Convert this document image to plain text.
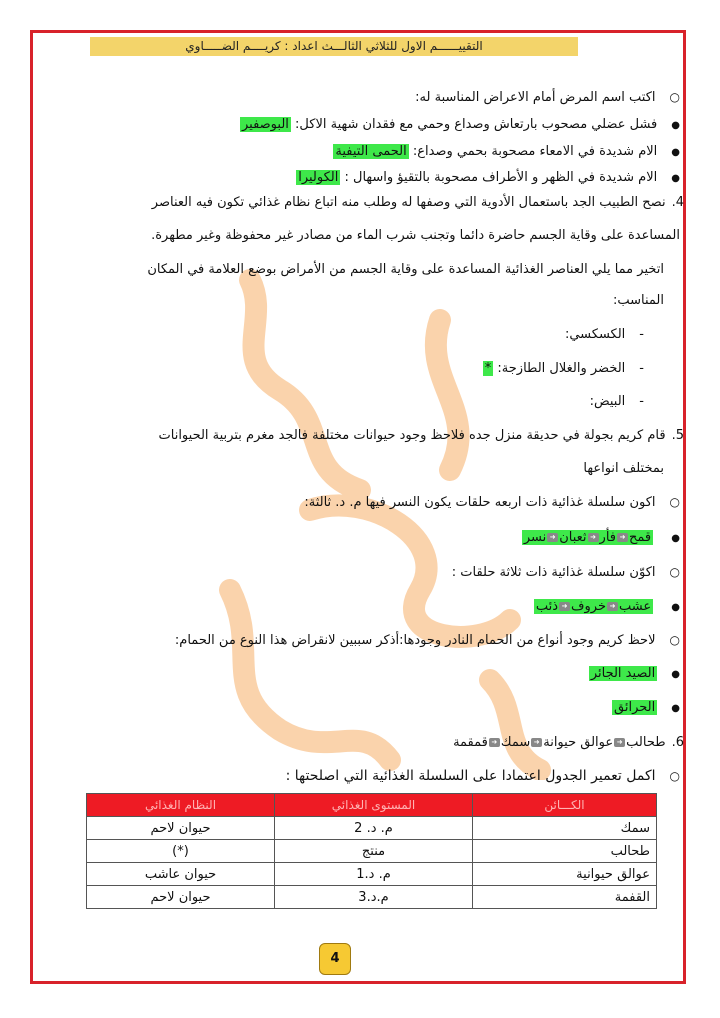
التقييــــــم الاول للثلاثي الثالـــث اعداد : كريــــم الضـــــاوي
○اكتب اسم المرض أمام الاعراض المناسبة له:
●فشل عضلي مصحوب بارتعاش وصداع وحمي مع فقدان شهية الاكل: البوصفير
●الام شديدة في الامعاء مصحوبة بحمي وصداع: الحمى التيفية
●الام شديدة في الظهر و الأطراف مصحوبة بالتقيؤ واسهال : الكوليرا
4.نصح الطبيب الجد باستعمال الأدوية التي وصفها له وطلب منه اتباع نظام غذائي تكون فيه العناصر
المساعدة على وقاية الجسم حاضرة دائما وتجنب شرب الماء من مصادر غير محفوظة وغير مطهرة.
اتخير مما يلي العناصر الغذائية المساعدة على وقاية الجسم من الأمراض بوضع العلامة في المكان
المناسب:
-الكسكسي:
-الخضر والغلال الطازجة: *
-البيض:
5.قام كريم بجولة في حديقة منزل جده فلاحظ وجود حيوانات مختلفة فالجد مغرم بتربية الحيوانات
بمختلف انواعها
○اكون سلسلة غذائية ذات اربعه حلقات يكون النسر فيها م. د. ثالثة:
● قمح➜فأر➜ثعبان➜نسر
○اكوّن سلسلة غذائية ذات ثلاثة حلقات :
● عشب➜خروف➜ذئب
○لاحظ كريم وجود أنواع من الحمام النادر وجودها:أذكر سببين لانقراض هذا النوع من الحمام:
●الصيد الجائر
●الحرائق
6.طحالب➜عوالق حيوانة➜سمك➜قمقمة
○اكمل تعمير الجدول اعتمادا على السلسلة الغذائية التي اصلحتها :
الكـــائن	المستوى الغذائي	النظام الغذائي
سمك	م. د. 2	حيوان لاحم
طحالب	منتج	(*)
عوالق حيوانية	م. د.1	حيوان عاشب
القفمة	م.د.3	حيوان لاحم
4
